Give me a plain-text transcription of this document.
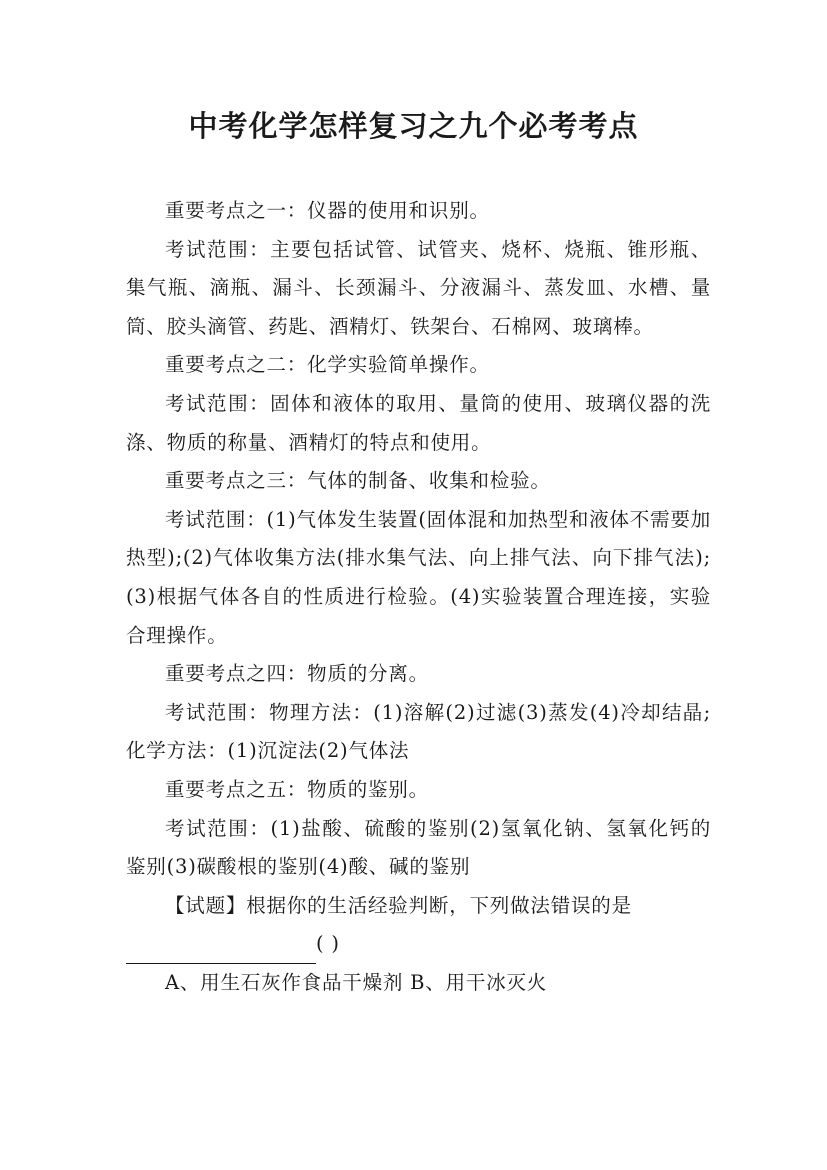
中考化学怎样复习之九个必考考点

重要考点之一：仪器的使用和识别。

考试范围：主要包括试管、试管夹、烧杯、烧瓶、锥形瓶、集气瓶、滴瓶、漏斗、长颈漏斗、分液漏斗、蒸发皿、水槽、量筒、胶头滴管、药匙、酒精灯、铁架台、石棉网、玻璃棒。

重要考点之二：化学实验简单操作。

考试范围：固体和液体的取用、量筒的使用、玻璃仪器的洗涤、物质的称量、酒精灯的特点和使用。

重要考点之三：气体的制备、收集和检验。

考试范围：(1)气体发生装置(固体混和加热型和液体不需要加热型);(2)气体收集方法(排水集气法、向上排气法、向下排气法);(3)根据气体各自的性质进行检验。(4)实验装置合理连接，实验合理操作。

重要考点之四：物质的分离。

考试范围：物理方法：(1)溶解(2)过滤(3)蒸发(4)冷却结晶;化学方法：(1)沉淀法(2)气体法

重要考点之五：物质的鉴别。

考试范围：(1)盐酸、硫酸的鉴别(2)氢氧化钠、氢氧化钙的鉴别(3)碳酸根的鉴别(4)酸、碱的鉴别

【试题】根据你的生活经验判断，下列做法错误的是

( )

A、用生石灰作食品干燥剂 B、用干冰灭火
